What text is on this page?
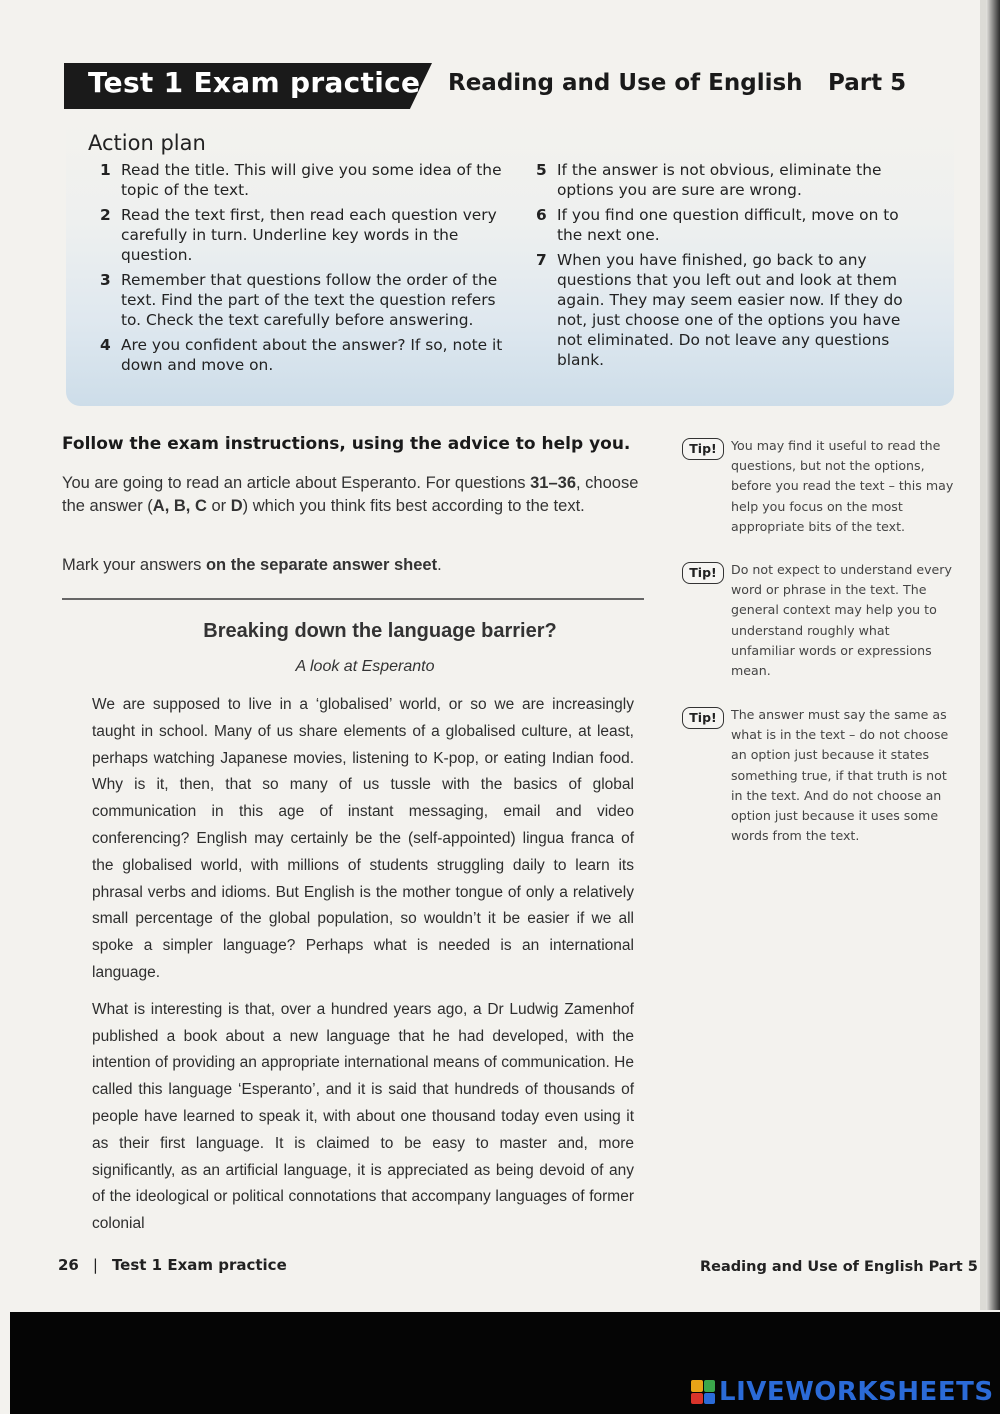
Test 1 Exam practice Reading and Use of English Part 5
Action plan
1 Read the title. This will give you some idea of the topic of the text.
2 Read the text first, then read each question very carefully in turn. Underline key words in the question.
3 Remember that questions follow the order of the text. Find the part of the text the question refers to. Check the text carefully before answering.
4 Are you confident about the answer? If so, note it down and move on.
5 If the answer is not obvious, eliminate the options you are sure are wrong.
6 If you find one question difficult, move on to the next one.
7 When you have finished, go back to any questions that you left out and look at them again. They may seem easier now. If they do not, just choose one of the options you have not eliminated. Do not leave any questions blank.
Follow the exam instructions, using the advice to help you.
You are going to read an article about Esperanto. For questions 31–36, choose the answer (A, B, C or D) which you think fits best according to the text.
Mark your answers on the separate answer sheet.
Breaking down the language barrier?
A look at Esperanto

We are supposed to live in a ‘globalised’ world, or so we are increasingly taught in school. Many of us share elements of a globalised culture, at least, perhaps watching Japanese movies, listening to K-pop, or eating Indian food. Why is it, then, that so many of us tussle with the basics of global communication in this age of instant messaging, email and video conferencing? English may certainly be the (self-appointed) lingua franca of the globalised world, with millions of students struggling daily to learn its phrasal verbs and idioms. But English is the mother tongue of only a relatively small percentage of the global population, so wouldn’t it be easier if we all spoke a simpler language? Perhaps what is needed is an international language.

What is interesting is that, over a hundred years ago, a Dr Ludwig Zamenhof published a book about a new language that he had developed, with the intention of providing an appropriate international means of communication. He called this language ‘Esperanto’, and it is said that hundreds of thousands of people have learned to speak it, with about one thousand today even using it as their first language. It is claimed to be easy to master and, more significantly, as an artificial language, it is appreciated as being devoid of any of the ideological or political connotations that accompany languages of former colonial

Tip!	You may find it useful to read the questions, but not the options, before you read the text – this may help you focus on the most appropriate bits of the text.
Tip!	Do not expect to understand every word or phrase in the text. The general context may help you to understand roughly what unfamiliar words or expressions mean.
Tip!	The answer must say the same as what is in the text – do not choose an option just because it states something true, if that truth is not in the text. And do not choose an option just because it uses some words from the text.
26 | Test 1 Exam practice	Reading and Use of English Part 5
LIVEWORKSHEETS
